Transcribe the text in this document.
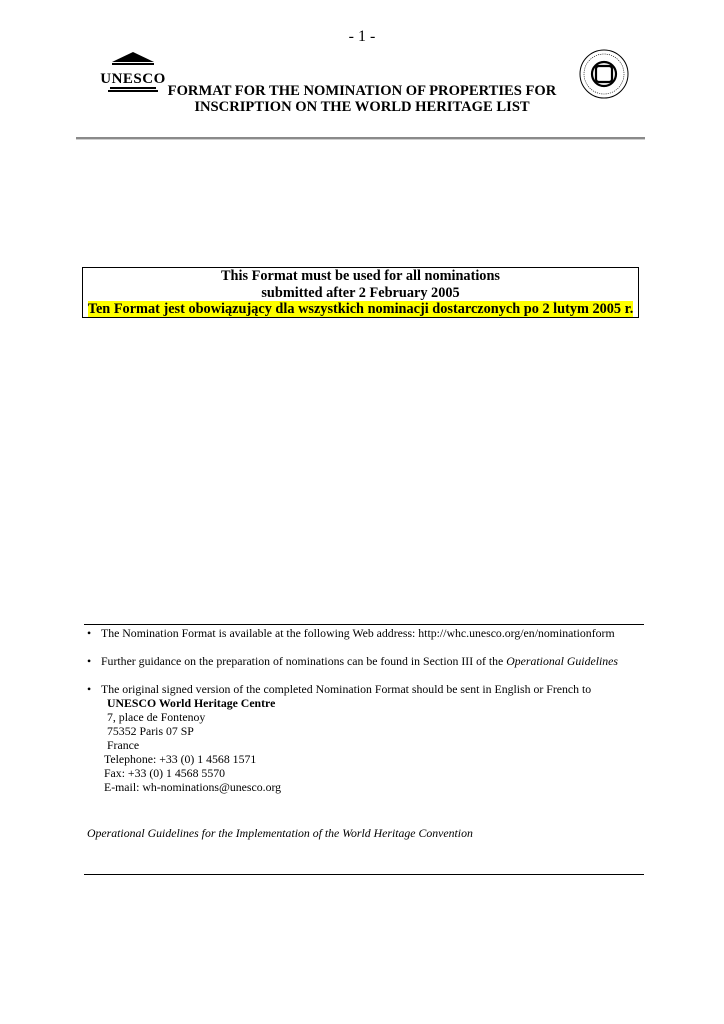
- 1 -
UNESCO
FORMAT FOR THE NOMINATION OF PROPERTIES FOR
INSCRIPTION ON THE WORLD HERITAGE LIST
This Format must be used for all nominations
submitted after 2 February 2005
Ten Format jest obowiązujący dla wszystkich nominacji dostarczonych po 2 lutym 2005 r.
• The Nomination Format is available at the following Web address: http://whc.unesco.org/en/nominationform
• Further guidance on the preparation of nominations can be found in Section III of the Operational Guidelines
• The original signed version of the completed Nomination Format should be sent in English or French to
UNESCO World Heritage Centre
7, place de Fontenoy
75352 Paris 07 SP
France
Telephone: +33 (0) 1 4568 1571
Fax: +33 (0) 1 4568 5570
E-mail: wh-nominations@unesco.org
Operational Guidelines for the Implementation of the World Heritage Convention
